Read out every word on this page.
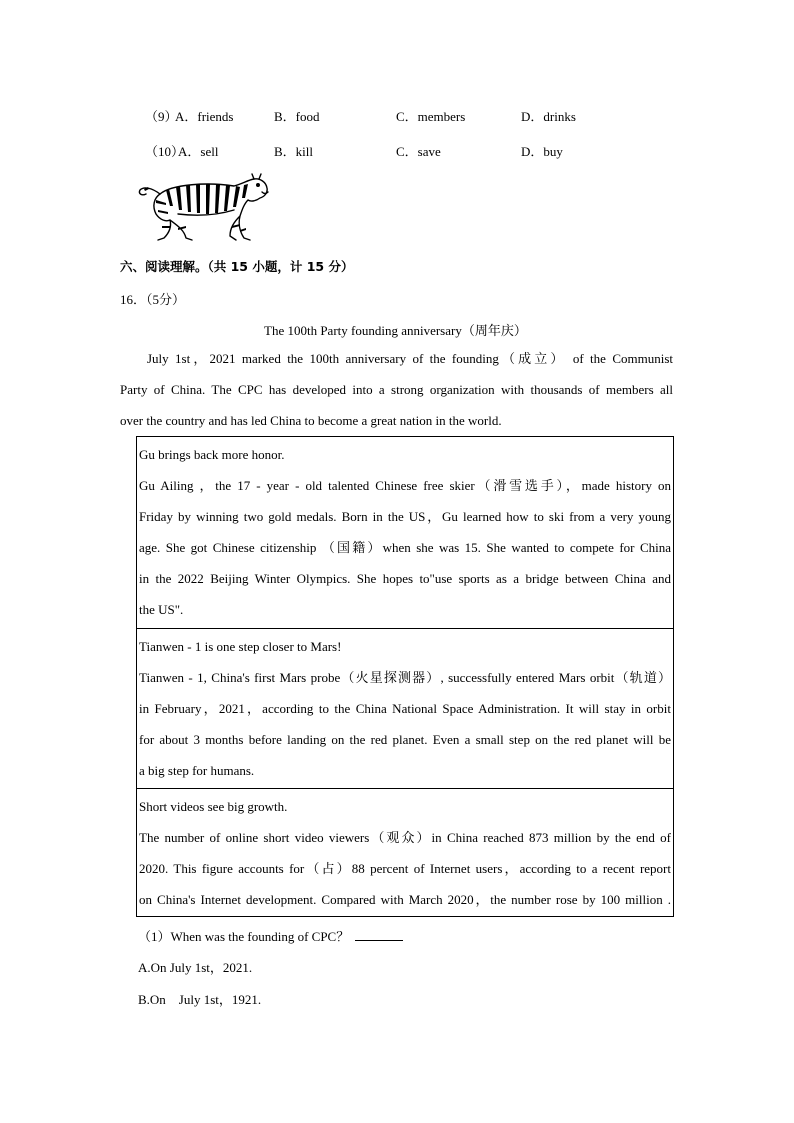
（9）
A．friends	B．food	C．members	D．drinks
（10）
A．sell	B．kill	C．save	D．buy
六、阅读理解。（共 15 小题，计 15 分）
16．（5分）
The 100th Party founding anniversary（周年庆）
July 1st，2021 marked the 100th anniversary of the founding（成立） of the Communist
Party of China. The CPC has developed into a strong organization with thousands of members all
over the country and has led China to become a great nation in the world.
Gu brings back more honor.
Gu Ailing ，the 17 - year - old talented Chinese free skier（滑雪选手），made history on
Friday by winning two gold medals. Born in the US，Gu learned how to ski from a very young
age. She got Chinese citizenship （国籍）when she was 15. She wanted to compete for China
in the 2022 Beijing Winter Olympics. She hopes to"use sports as a bridge between China and
the US".
Tianwen - 1 is one step closer to Mars!
Tianwen - 1, China's first Mars probe（火星探测器）, successfully entered Mars orbit（轨道）
in February，2021，according to the China National Space Administration. It will stay in orbit
for about 3 months before landing on the red planet. Even a small step on the red planet will be
a big step for humans.
Short videos see big growth.
The number of online short video viewers（观众）in China reached 873 million by the end of
2020. This figure accounts for（占）88 percent of Internet users，according to a recent report
on China's Internet development. Compared with March 2020，the number rose by 100 million .
（1）When was the founding of CPC？
A.On July 1st，2021.
B.On    July 1st，1921.
